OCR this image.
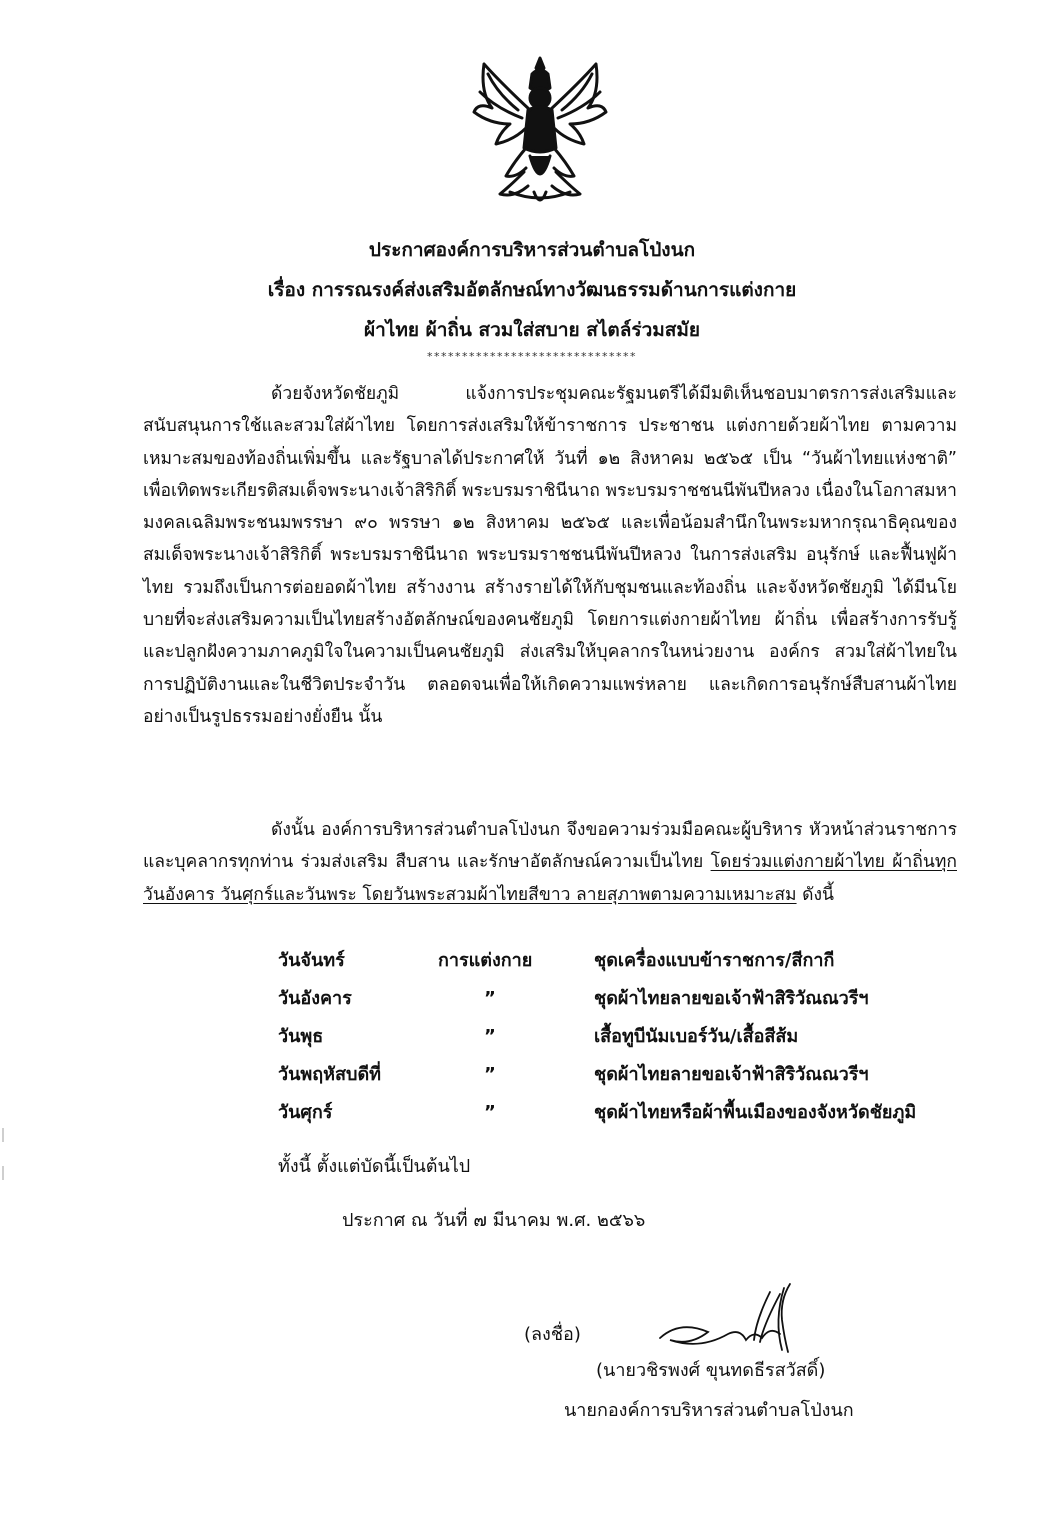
ประกาศองค์การบริหารส่วนตำบลโป่งนก
เรื่อง การรณรงค์ส่งเสริมอัตลักษณ์ทางวัฒนธรรมด้านการแต่งกาย
ผ้าไทย ผ้าถิ่น สวมใส่สบาย สไตล์ร่วมสมัย
******************************

ด้วยจังหวัดชัยภูมิ แจ้งการประชุมคณะรัฐมนตรีได้มีมติเห็นชอบมาตรการส่งเสริมและสนับสนุนการใช้และสวมใส่ผ้าไทย โดยการส่งเสริมให้ข้าราชการ ประชาชน แต่งกายด้วยผ้าไทย ตามความเหมาะสมของท้องถิ่นเพิ่มขึ้น และรัฐบาลได้ประกาศให้ วันที่ ๑๒ สิงหาคม ๒๕๖๕ เป็น “วันผ้าไทยแห่งชาติ” เพื่อเทิดพระเกียรติสมเด็จพระนางเจ้าสิริกิติ์ พระบรมราชินีนาถ พระบรมราชชนนีพันปีหลวง เนื่องในโอกาสมหามงคลเฉลิมพระชนมพรรษา ๙๐ พรรษา ๑๒ สิงหาคม ๒๕๖๕ และเพื่อน้อมสำนึกในพระมหากรุณาธิคุณของสมเด็จพระนางเจ้าสิริกิติ์ พระบรมราชินีนาถ พระบรมราชชนนีพันปีหลวง ในการส่งเสริม อนุรักษ์ และฟื้นฟูผ้าไทย รวมถึงเป็นการต่อยอดผ้าไทย สร้างงาน สร้างรายได้ให้กับชุมชนและท้องถิ่น และจังหวัดชัยภูมิ ได้มีนโยบายที่จะส่งเสริมความเป็นไทยสร้างอัตลักษณ์ของคนชัยภูมิ โดยการแต่งกายผ้าไทย ผ้าถิ่น เพื่อสร้างการรับรู้ และปลูกฝังความภาคภูมิใจในความเป็นคนชัยภูมิ ส่งเสริมให้บุคลากรในหน่วยงาน องค์กร สวมใส่ผ้าไทยในการปฏิบัติงานและในชีวิตประจำวัน ตลอดจนเพื่อให้เกิดความแพร่หลาย และเกิดการอนุรักษ์สืบสานผ้าไทยอย่างเป็นรูปธรรมอย่างยั่งยืน นั้น

ดังนั้น องค์การบริหารส่วนตำบลโป่งนก จึงขอความร่วมมือคณะผู้บริหาร หัวหน้าส่วนราชการและบุคลากรทุกท่าน ร่วมส่งเสริม สืบสาน และรักษาอัตลักษณ์ความเป็นไทย โดยร่วมแต่งกายผ้าไทย ผ้าถิ่นทุกวันอังคาร วันศุกร์และวันพระ โดยวันพระสวมผ้าไทยสีขาว ลายสุภาพตามความเหมาะสม ดังนี้

วันจันทร์	การแต่งกาย	ชุดเครื่องแบบข้าราชการ/สีกากี
วันอังคาร	”	ชุดผ้าไทยลายขอเจ้าฟ้าสิริวัณณวรีฯ
วันพุธ	”	เสื้อทูบีนัมเบอร์วัน/เสื้อสีส้ม
วันพฤหัสบดีที่	”	ชุดผ้าไทยลายขอเจ้าฟ้าสิริวัณณวรีฯ
วันศุกร์	”	ชุดผ้าไทยหรือผ้าพื้นเมืองของจังหวัดชัยภูมิ
ทั้งนี้ ตั้งแต่บัดนี้เป็นต้นไป
ประกาศ ณ วันที่ ๗ มีนาคม พ.ศ. ๒๕๖๖
(ลงชื่อ)
(นายวชิรพงศ์ ขุนทดธีรสวัสดิ์)
นายกองค์การบริหารส่วนตำบลโป่งนก
